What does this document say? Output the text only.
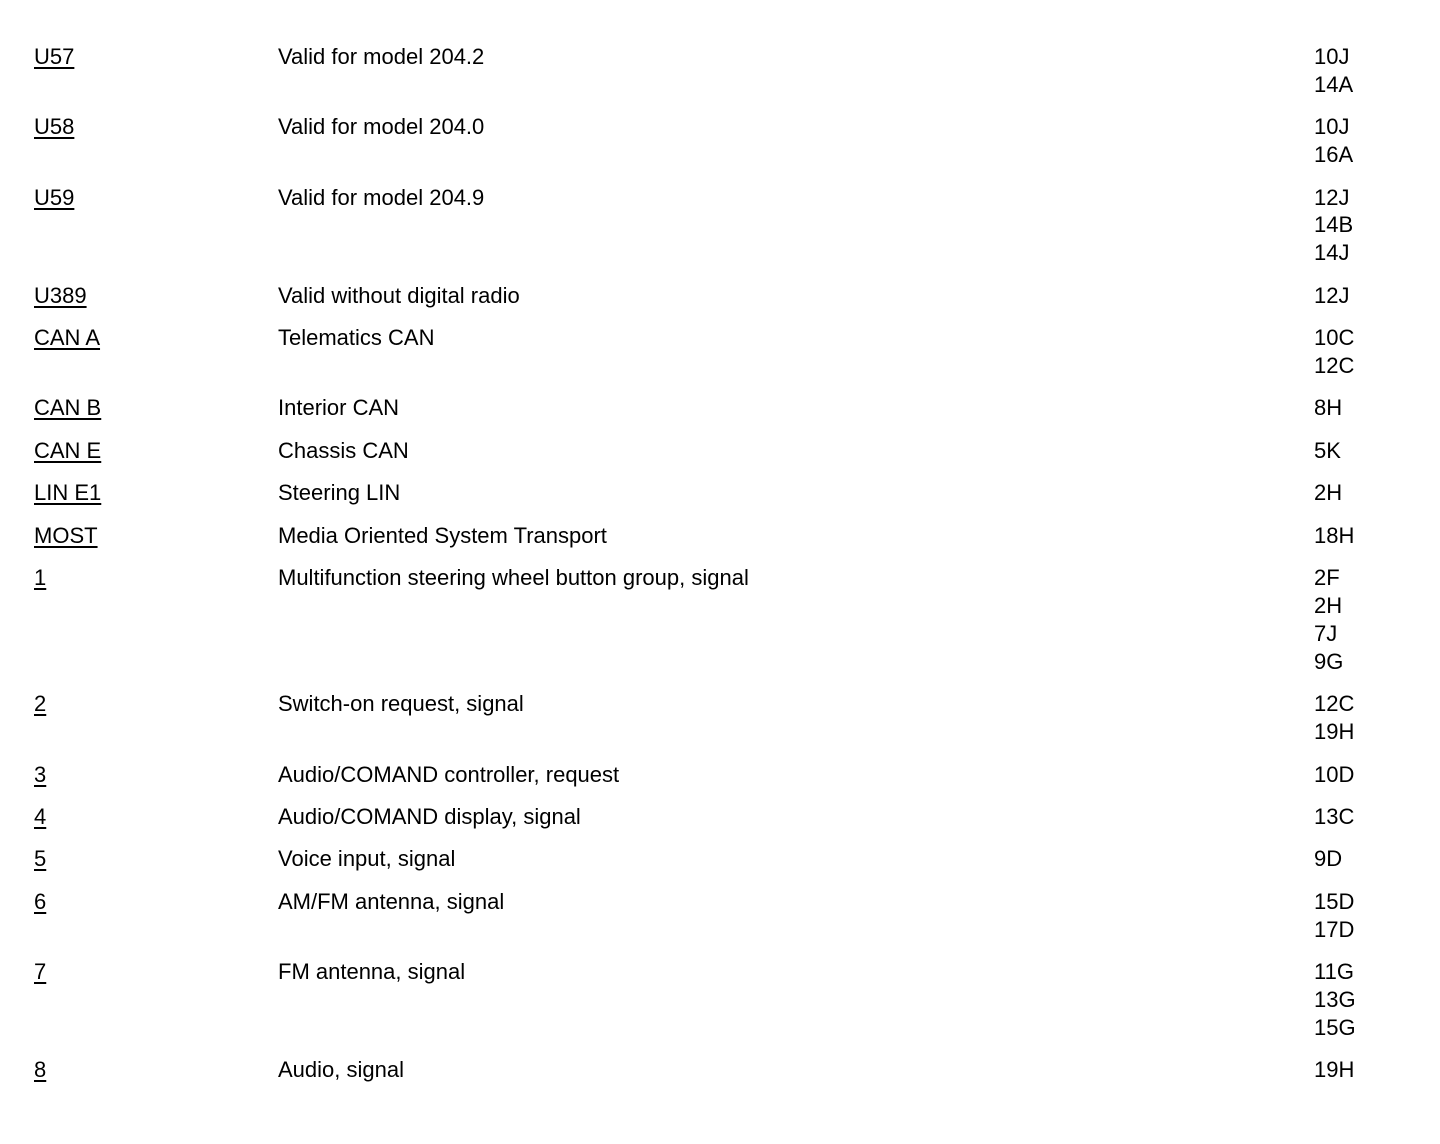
U57	Valid for model 204.2	10J
14A
U58	Valid for model 204.0	10J
16A
U59	Valid for model 204.9	12J
14B
14J
U389	Valid without digital radio	12J
CAN A	Telematics CAN	10C
12C
CAN B	Interior CAN	8H
CAN E	Chassis CAN	5K
LIN E1	Steering LIN	2H
MOST	Media Oriented System Transport	18H
1	Multifunction steering wheel button group, signal	2F
2H
7J
9G
2	Switch-on request, signal	12C
19H
3	Audio/COMAND controller, request	10D
4	Audio/COMAND display, signal	13C
5	Voice input, signal	9D
6	AM/FM antenna, signal	15D
17D
7	FM antenna, signal	11G
13G
15G
8	Audio, signal	19H
